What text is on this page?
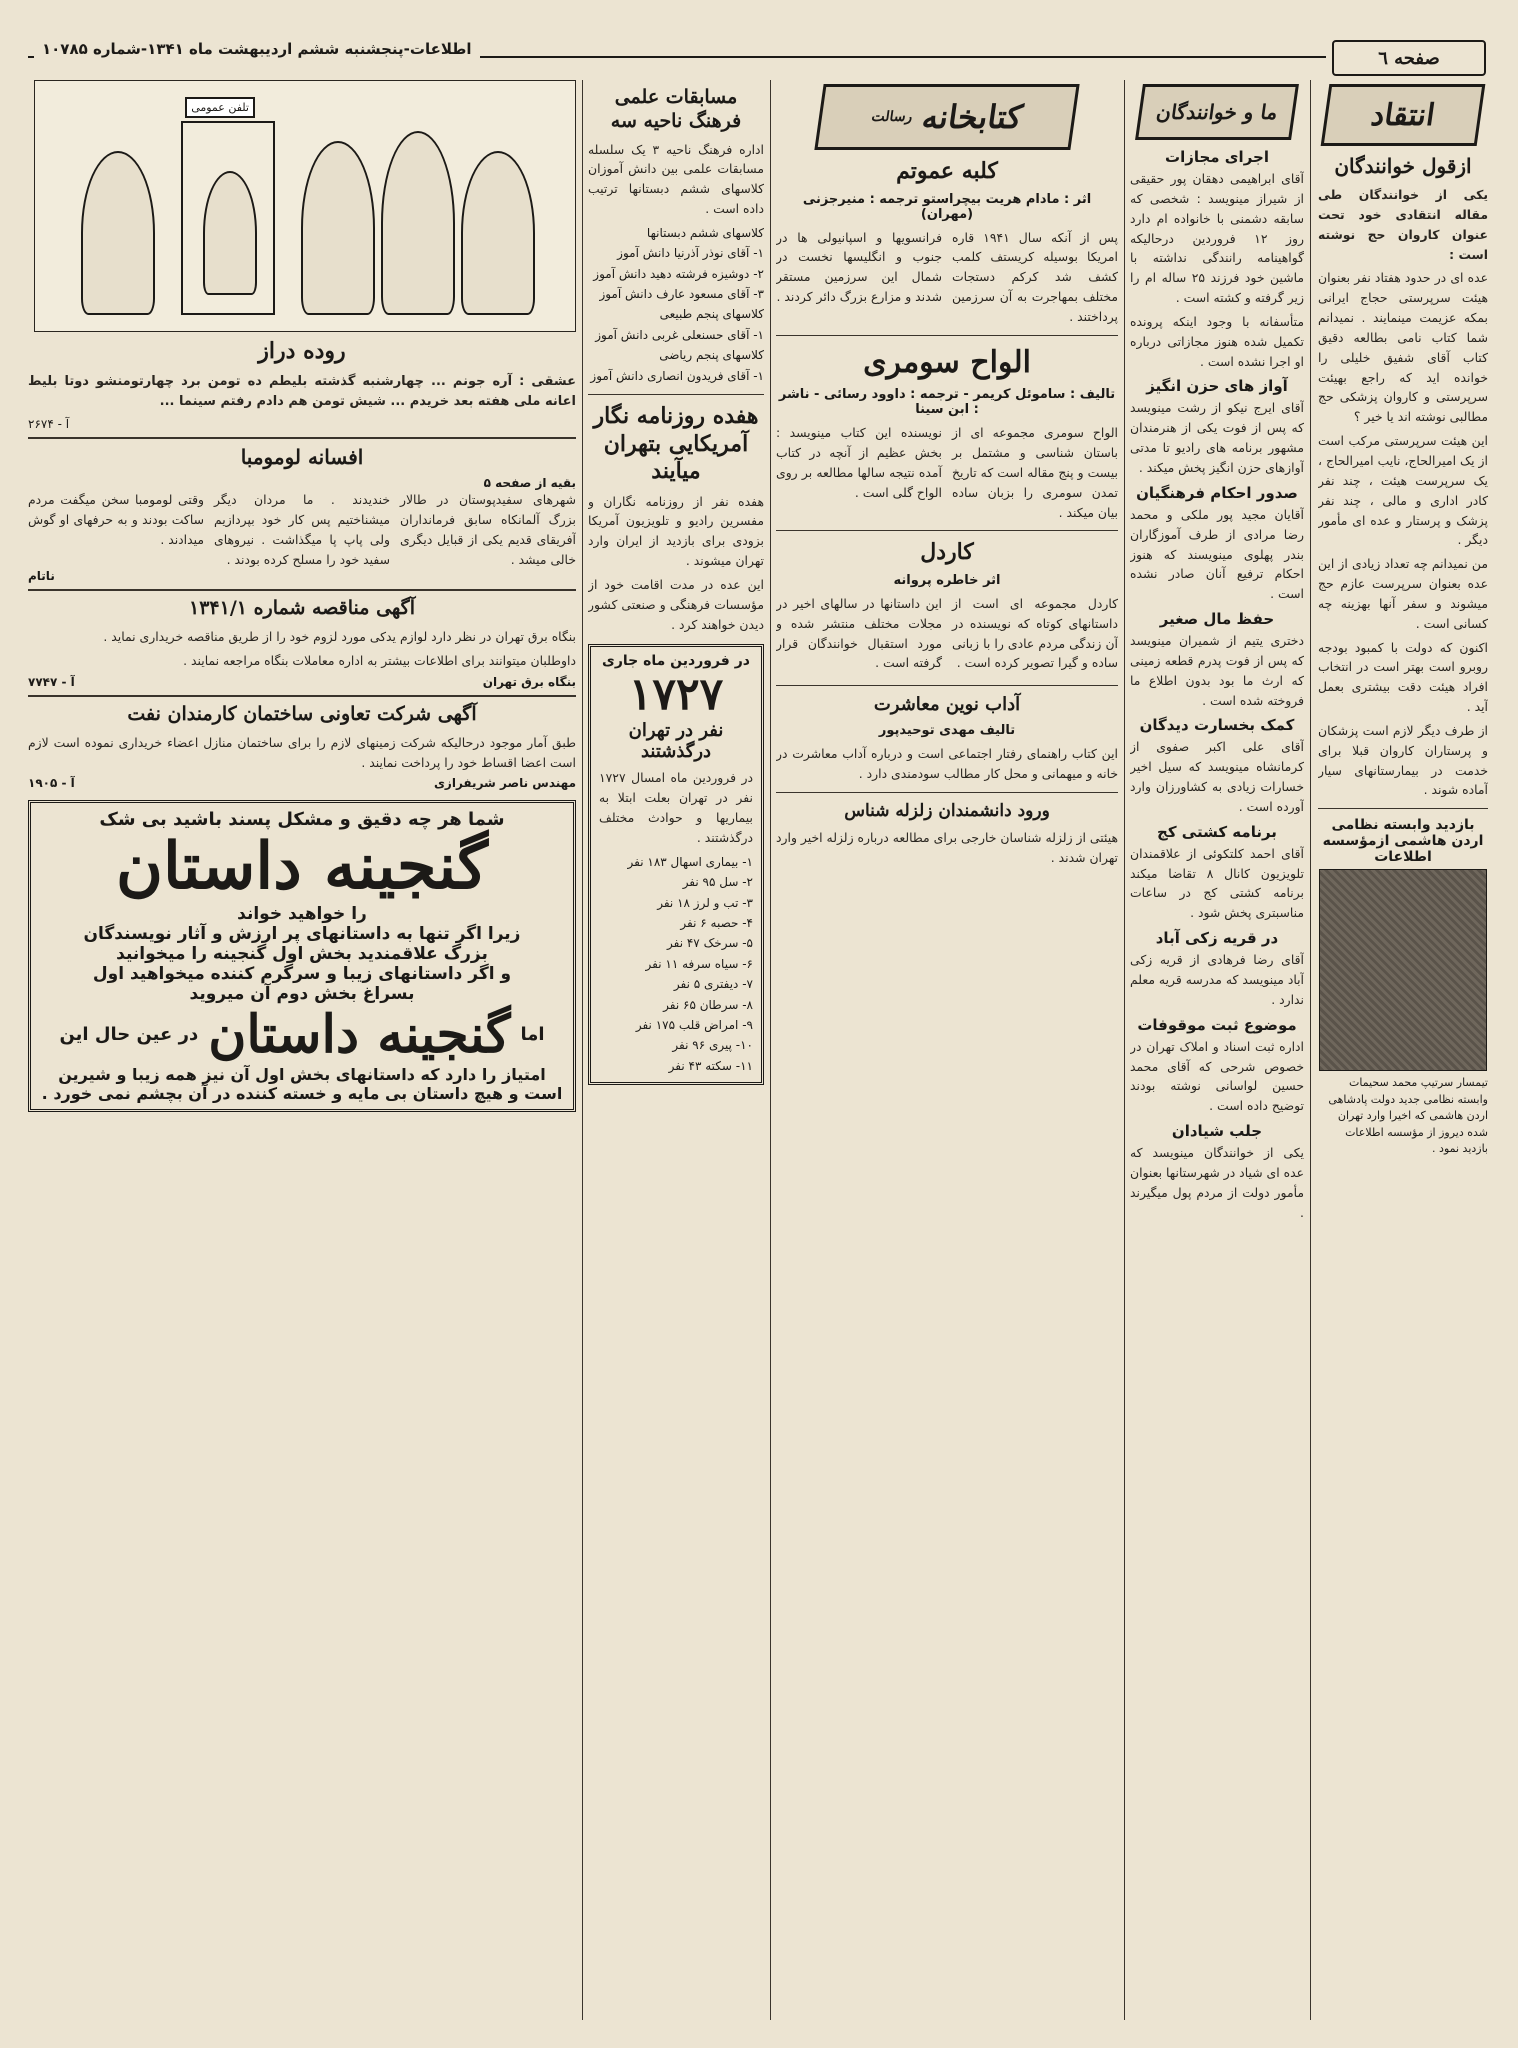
صفحه ٦
اطلاعات-پنجشنبه ششم اردیبهشت ماه ۱۳۴۱-شماره ۱۰۷۸۵
انتقاد
ازقول خوانندگان

یکی از خوانندگان طی مقاله انتقادی خود تحت عنوان کاروان حج نوشته است :

عده ای در حدود هفتاد نفر بعنوان هیئت سرپرستی حجاج ایرانی بمکه عزیمت مینمایند . نمیدانم شما کتاب نامی بطالعه دقیق کتاب آقای شفیق خلیلی را خوانده اید که راجع بهیئت سرپرستی و کاروان پزشکی حج مطالبی نوشته اند یا خیر ؟

این هیئت سرپرستی مرکب است از یک امیرالحاج، نایب امیرالحاج ، یک سرپرست هیئت ، چند نفر کادر اداری و مالی ، چند نفر پزشک و پرستار و عده ای مأمور دیگر .

من نمیدانم چه تعداد زیادی از این عده بعنوان سرپرست عازم حج میشوند و سفر آنها بهزینه چه کسانی است .

اکنون که دولت با کمبود بودجه روبرو است بهتر است در انتخاب افراد هیئت دقت بیشتری بعمل آید .

از طرف دیگر لازم است پزشکان و پرستاران کاروان قبلا برای خدمت در بیمارستانهای سیار آماده شوند .

بازدید وابسته نظامی اردن هاشمی ازمؤسسه اطلاعات

تیمسار سرتیپ محمد سحیمات وابسته نظامی جدید دولت پادشاهی اردن هاشمی که اخیرا وارد تهران شده دیروز از مؤسسه اطلاعات بازدید نمود .

ما و خوانندگان
اجرای مجازات

آقای ابراهیمی دهقان پور حقیقی از شیراز مینویسد : شخصی که سابقه دشمنی با خانواده ام دارد روز ۱۲ فروردین درحالیکه گواهینامه رانندگی نداشته با ماشین خود فرزند ۲۵ ساله ام را زیر گرفته و کشته است .

متأسفانه با وجود اینکه پرونده تکمیل شده هنوز مجازاتی درباره او اجرا نشده است .

آواز های حزن انگیز

آقای ایرج نیکو از رشت مینویسد که پس از فوت یکی از هنرمندان مشهور برنامه های رادیو تا مدتی آوازهای حزن انگیز پخش میکند .

صدور احکام فرهنگیان

آقایان مجید پور ملکی و محمد رضا مرادی از طرف آموزگاران بندر پهلوی مینویسند که هنوز احکام ترفیع آنان صادر نشده است .

حفظ مال صغیر

دختری یتیم از شمیران مینویسد که پس از فوت پدرم قطعه زمینی که ارث ما بود بدون اطلاع ما فروخته شده است .

کمک بخسارت دیدگان

آقای علی اکبر صفوی از کرمانشاه مینویسد که سیل اخیر خسارات زیادی به کشاورزان وارد آورده است .

برنامه کشتی کج

آقای احمد کلتکوئی از علاقمندان تلویزیون کانال ۸ تقاضا میکند برنامه کشتی کج در ساعات مناسبتری پخش شود .

در قریه زکی آباد

آقای رضا فرهادی از قریه زکی آباد مینویسد که مدرسه قریه معلم ندارد .

موضوع ثبت موقوفات

اداره ثبت اسناد و املاک تهران در خصوص شرحی که آقای محمد حسین لواسانی نوشته بودند توضیح داده است .

جلب شیادان

یکی از خوانندگان مینویسد که عده ای شیاد در شهرستانها بعنوان مأمور دولت از مردم پول میگیرند .

کتابخانه
رسالت
کلبه عموتم
اثر : مادام هریت بیچراستو ترجمه : منیرجزنی (مهران)

پس از آنکه سال ۱۹۴۱ قاره امریکا بوسیله کریستف کلمب کشف شد کرکم دستجات مختلف بمهاجرت به آن سرزمین پرداختند .

فرانسویها و اسپانیولی ها در جنوب و انگلیسها نخست در شمال این سرزمین مستقر شدند و مزارع بزرگ دائر کردند .

الواح سومری
تالیف : ساموئل کریمر - ترجمه : داوود رسائی - ناشر : ابن سینا

الواح سومری مجموعه ای از باستان شناسی و مشتمل بر بیست و پنج مقاله است که تاریخ تمدن سومری را بزبان ساده بیان میکند .

نویسنده این کتاب مینویسد : بخش عظیم از آنچه در کتاب آمده نتیجه سالها مطالعه بر روی الواح گلی است .

کاردل
اثر خاطره پروانه

کاردل مجموعه ای است از داستانهای کوتاه که نویسنده در آن زندگی مردم عادی را با زبانی ساده و گیرا تصویر کرده است .

این داستانها در سالهای اخیر در مجلات مختلف منتشر شده و مورد استقبال خوانندگان قرار گرفته است .

آداب نوین معاشرت
تالیف مهدی توحیدپور

این کتاب راهنمای رفتار اجتماعی است و درباره آداب معاشرت در خانه و میهمانی و محل کار مطالب سودمندی دارد .

ورود دانشمندان زلزله شناس

هیئتی از زلزله شناسان خارجی برای مطالعه درباره زلزله اخیر وارد تهران شدند .

مسابقات علمی فرهنگ ناحیه سه

اداره فرهنگ ناحیه ۳ یک سلسله مسابقات علمی بین دانش آموزان کلاسهای ششم دبستانها ترتیب داده است .

کلاسهای ششم دبستانها
۱- آقای نوذر آذرنیا دانش آموز
۲- دوشیزه فرشته دهید دانش آموز
۳- آقای مسعود عارف دانش آموز
کلاسهای پنجم طبیعی
۱- آقای حسنعلی غربی دانش آموز
کلاسهای پنجم ریاضی
۱- آقای فریدون انصاری دانش آموز
هفده روزنامه نگار آمریکایی بتهران میآیند

هفده نفر از روزنامه نگاران و مفسرین رادیو و تلویزیون آمریکا بزودی برای بازدید از ایران وارد تهران میشوند .

این عده در مدت اقامت خود از مؤسسات فرهنگی و صنعتی کشور دیدن خواهند کرد .

در فروردین ماه جاری
۱۷۲۷
نفر در تهران درگذشتند

در فروردین ماه امسال ۱۷۲۷ نفر در تهران بعلت ابتلا به بیماریها و حوادث مختلف درگذشتند .

۱- بیماری اسهال ۱۸۳ نفر
۲- سل ۹۵ نفر
۳- تب و لرز ۱۸ نفر
۴- حصبه ۶ نفر
۵- سرخک ۴۷ نفر
۶- سیاه سرفه ۱۱ نفر
۷- دیفتری ۵ نفر
۸- سرطان ۶۵ نفر
۹- امراض قلب ۱۷۵ نفر
۱۰- پیری ۹۶ نفر
۱۱- سکته ۴۳ نفر
تلفن عمومی
روده دراز

عشقی : آره جونم ... چهارشنبه گذشته بلیطم ده تومن برد چهارتومنشو دوتا بلیط اعانه ملی هفته بعد خریدم ... شیش تومن هم دادم رفتم سینما ...

آ - ۲۶۷۴
افسانه لومومبا
بقیه از صفحه ۵

شهرهای سفیدپوستان در طالار بزرگ آلمانکاه سابق فرمانداران آفریقای قدیم یکی از قبایل دیگری خالی میشد .

خندیدند . ما مردان دیگر میشناختیم پس کار خود بپردازیم ولی پاپ پا میگذاشت . نیروهای سفید خود را مسلح کرده بودند .

وقتی لومومبا سخن میگفت مردم ساکت بودند و به حرفهای او گوش میدادند .

ناتام
آگهی مناقصه شماره ۱۳۴۱/۱

بنگاه برق تهران در نظر دارد لوازم یدکی مورد لزوم خود را از طریق مناقصه خریداری نماید .

داوطلبان میتوانند برای اطلاعات بیشتر به اداره معاملات بنگاه مراجعه نمایند .

بنگاه برق تهران
آ - ۷۷۴۷
آگهی شرکت تعاونی ساختمان کارمندان نفت

طبق آمار موجود درحالیکه شرکت زمینهای لازم را برای ساختمان منازل اعضاء خریداری نموده است لازم است اعضا اقساط خود را پرداخت نمایند .

مهندس ناصر شریفرازی
آ - ۱۹۰۵
شما هر چه دقیق و مشکل پسند باشید بی شک
گنجینه داستان
را خواهید خواند
زیرا اگر تنها به داستانهای پر ارزش و آثار نویسندگان
بزرگ علاقمندید بخش اول گنجینه را میخوانید
و اگر داستانهای زیبا و سرگرم کننده میخواهید اول
بسراغ بخش دوم آن میروید
اما
گنجینه داستان
در عین حال این
امتیاز را دارد که داستانهای بخش اول آن نیز همه زیبا و شیرین
است و هیچ داستان بی مایه و خسته کننده در آن بچشم نمی خورد .
